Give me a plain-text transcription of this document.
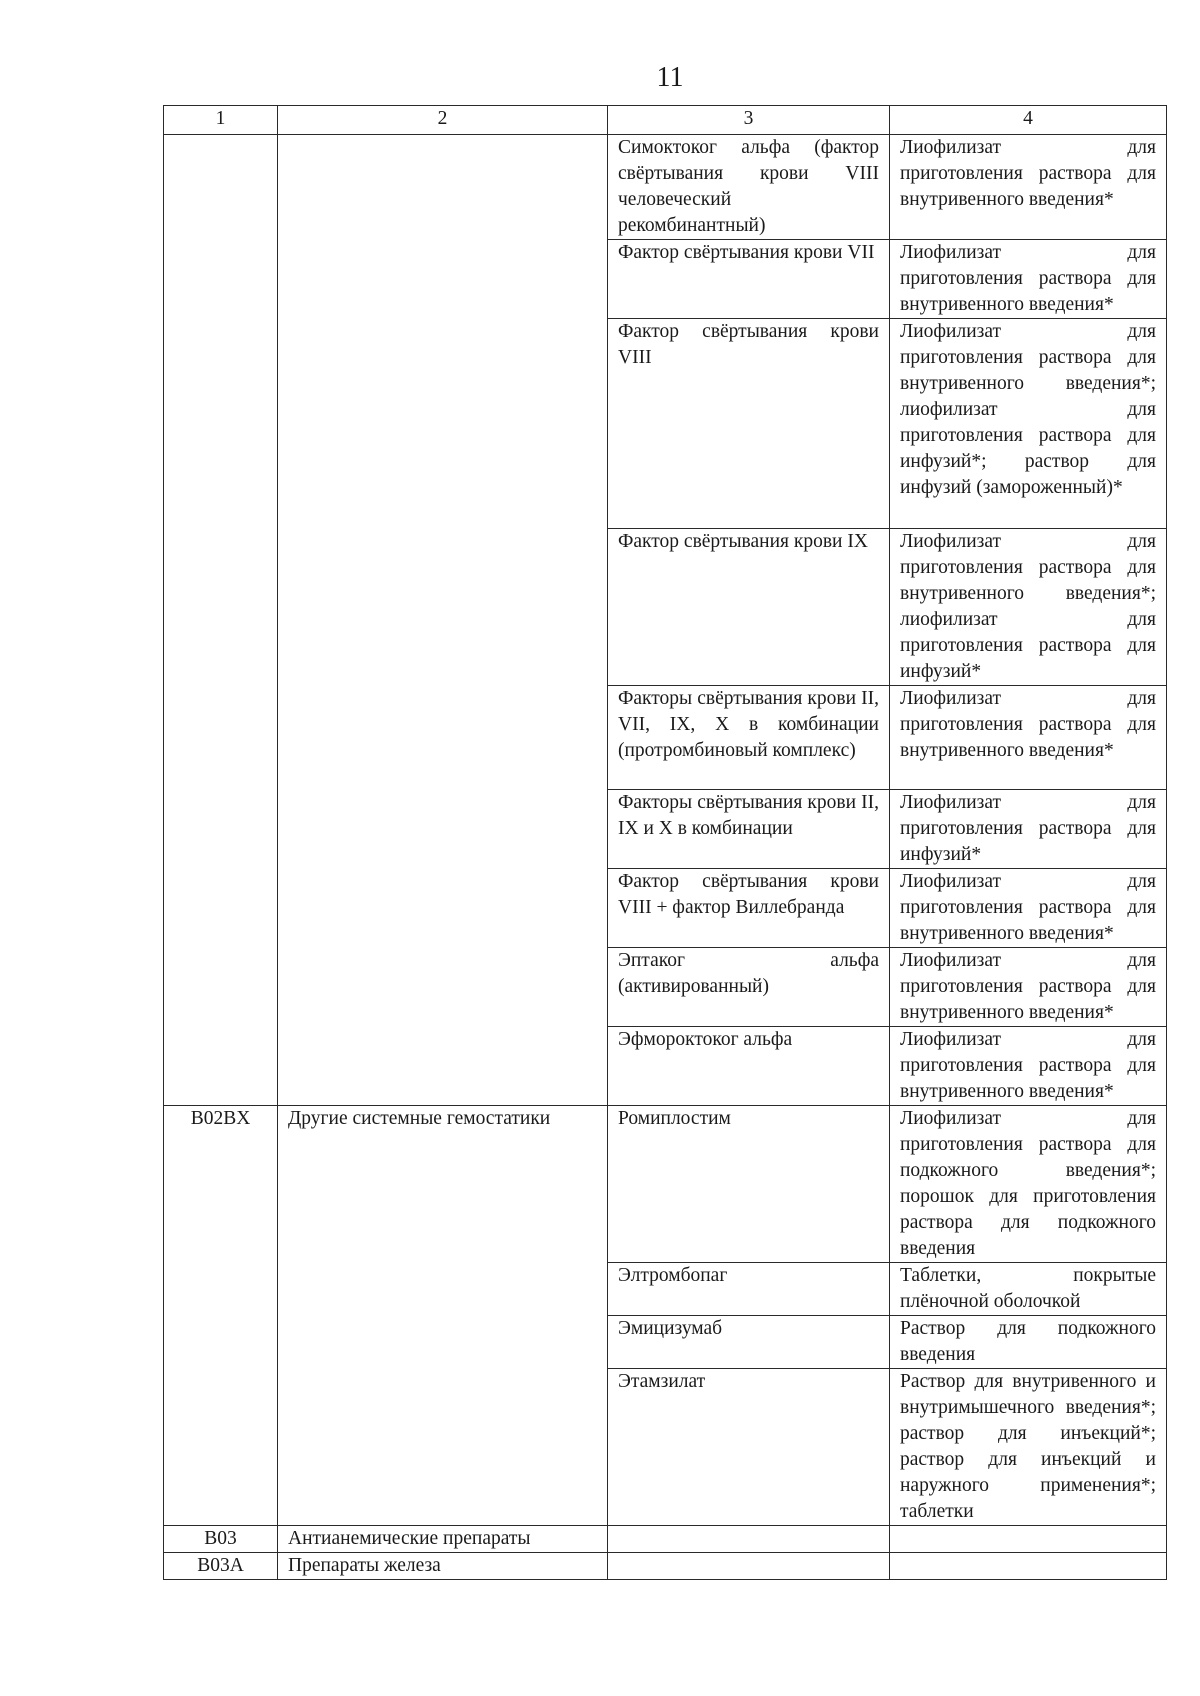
11
1	2	3	4
		Симоктоког альфа (фактор свёртывания крови VIII человеческий рекомбинантный)	Лиофилизат для приготовления раствора для внутривенного введения*
		Фактор свёртывания крови VII	Лиофилизат для приготовления раствора для внутривенного введения*
		Фактор свёртывания крови VIII	Лиофилизат для приготовления раствора для внутривенного введения*; лиофилизат для приготовления раствора для инфузий*; раствор для инфузий (замороженный)*
		Фактор свёртывания крови IX	Лиофилизат для приготовления раствора для внутривенного введения*; лиофилизат для приготовления раствора для инфузий*
		Факторы свёртывания крови II, VII, IX, X в комбинации (протромбиновый комплекс)	Лиофилизат для приготовления раствора для внутривенного введения*
		Факторы свёртывания крови II, IX и X в комбинации	Лиофилизат для приготовления раствора для инфузий*
		Фактор свёртывания крови VIII + фактор Виллебранда	Лиофилизат для приготовления раствора для внутривенного введения*
		Эптаког альфа (активированный)	Лиофилизат для приготовления раствора для внутривенного введения*
		Эфмороктоког альфа	Лиофилизат для приготовления раствора для внутривенного введения*
B02BX	Другие системные гемостатики	Ромиплостим	Лиофилизат для приготовления раствора для подкожного введения*; порошок для приготовления раствора для подкожного введения
		Элтромбопаг	Таблетки, покрытые плёночной оболочкой
		Эмицизумаб	Раствор для подкожного введения
		Этамзилат	Раствор для внутривенного и внутримышечного введения*; раствор для инъекций*; раствор для инъекций и наружного применения*; таблетки
B03	Антианемические препараты		
B03A	Препараты железа		
